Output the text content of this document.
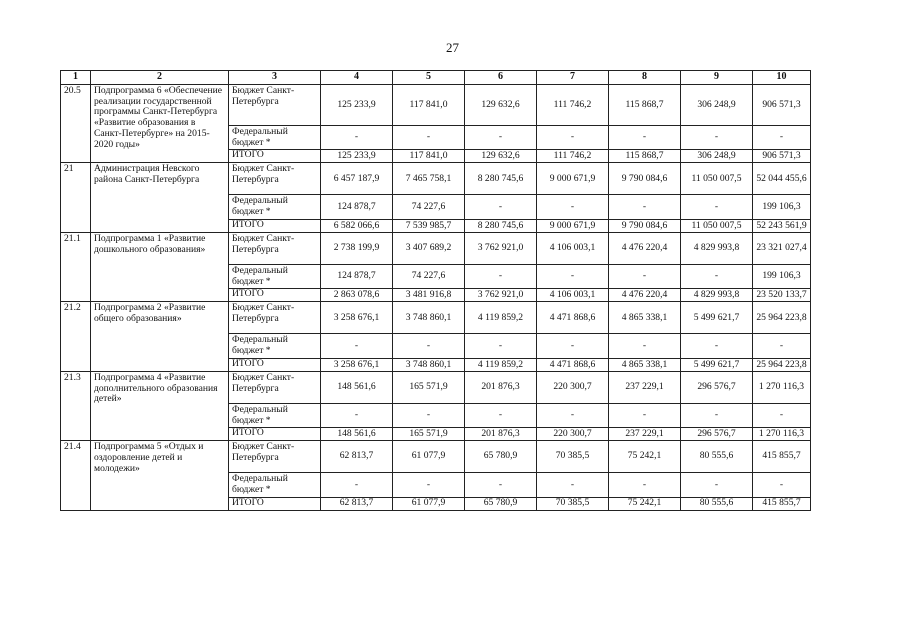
27
1	2	3	4	5	6	7	8	9	10
20.5	Подпрограмма 6 «Обеспечение реализации государственной программы Санкт-Петербурга «Развитие образования в Санкт-Петербурге» на 2015-2020 годы»	Бюджет Санкт-Петербурга	125 233,9	117 841,0	129 632,6	111 746,2	115 868,7	306 248,9	906 571,3
		Федеральный бюджет *	-	-	-	-	-	-	-
		ИТОГО	125 233,9	117 841,0	129 632,6	111 746,2	115 868,7	306 248,9	906 571,3
21	Администрация Невского района Санкт-Петербурга	Бюджет Санкт-Петербурга	6 457 187,9	7 465 758,1	8 280 745,6	9 000 671,9	9 790 084,6	11 050 007,5	52 044 455,6
		Федеральный бюджет *	124 878,7	74 227,6	-	-	-	-	199 106,3
		ИТОГО	6 582 066,6	7 539 985,7	8 280 745,6	9 000 671,9	9 790 084,6	11 050 007,5	52 243 561,9
21.1	Подпрограмма 1 «Развитие дошкольного образования»	Бюджет Санкт-Петербурга	2 738 199,9	3 407 689,2	3 762 921,0	4 106 003,1	4 476 220,4	4 829 993,8	23 321 027,4
		Федеральный бюджет *	124 878,7	74 227,6	-	-	-	-	199 106,3
		ИТОГО	2 863 078,6	3 481 916,8	3 762 921,0	4 106 003,1	4 476 220,4	4 829 993,8	23 520 133,7
21.2	Подпрограмма 2 «Развитие общего образования»	Бюджет Санкт-Петербурга	3 258 676,1	3 748 860,1	4 119 859,2	4 471 868,6	4 865 338,1	5 499 621,7	25 964 223,8
		Федеральный бюджет *	-	-	-	-	-	-	-
		ИТОГО	3 258 676,1	3 748 860,1	4 119 859,2	4 471 868,6	4 865 338,1	5 499 621,7	25 964 223,8
21.3	Подпрограмма 4 «Развитие дополнительного образования детей»	Бюджет Санкт-Петербурга	148 561,6	165 571,9	201 876,3	220 300,7	237 229,1	296 576,7	1 270 116,3
		Федеральный бюджет *	-	-	-	-	-	-	-
		ИТОГО	148 561,6	165 571,9	201 876,3	220 300,7	237 229,1	296 576,7	1 270 116,3
21.4	Подпрограмма 5 «Отдых и оздоровление детей и молодежи»	Бюджет Санкт-Петербурга	62 813,7	61 077,9	65 780,9	70 385,5	75 242,1	80 555,6	415 855,7
		Федеральный бюджет *	-	-	-	-	-	-	-
		ИТОГО	62 813,7	61 077,9	65 780,9	70 385,5	75 242,1	80 555,6	415 855,7
